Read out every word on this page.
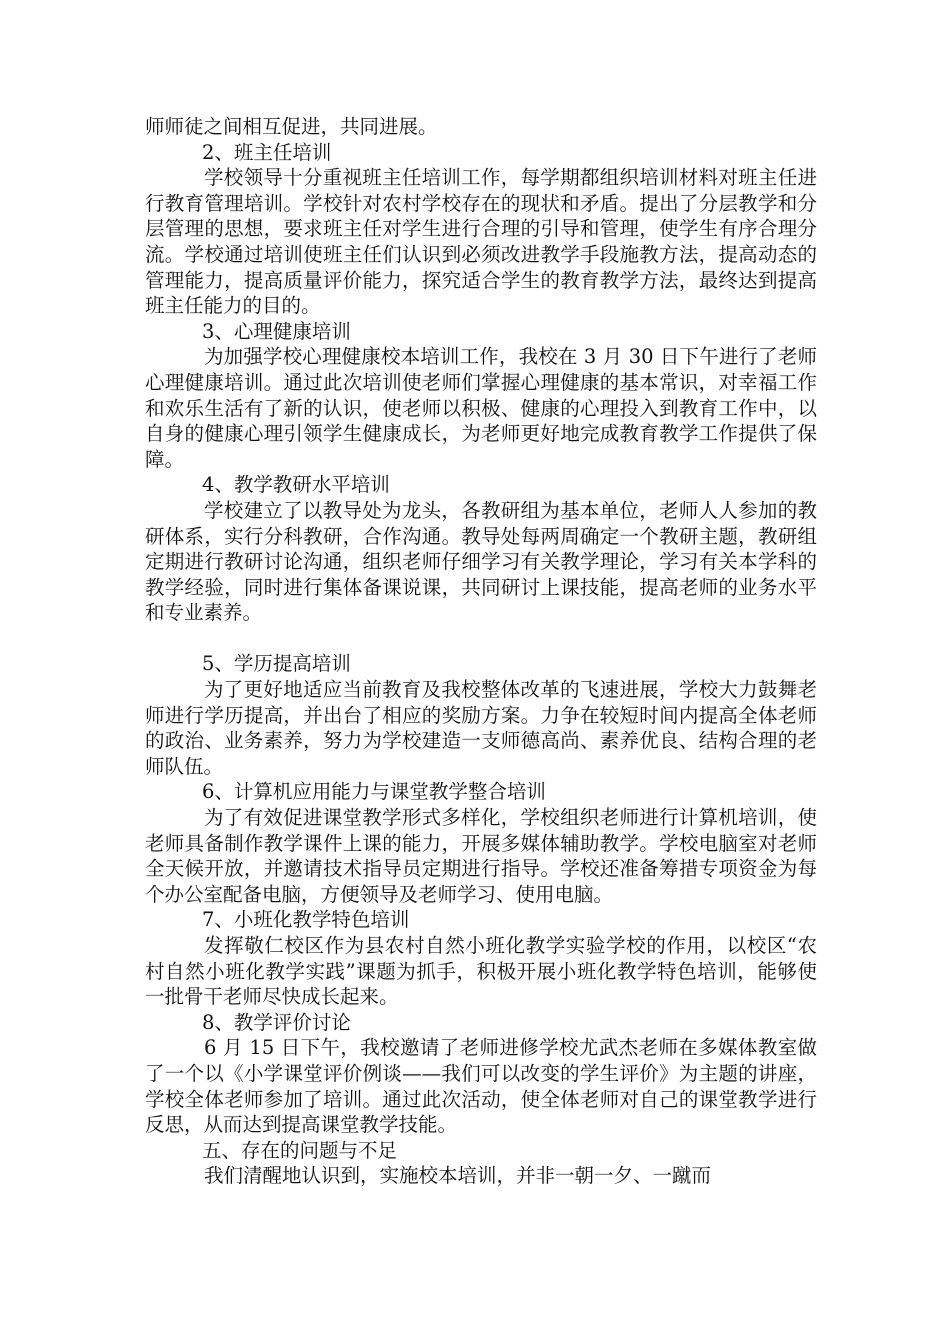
师师徒之间相互促进，共同进展。

2、班主任培训

学校领导十分重视班主任培训工作，每学期都组织培训材料对班主任进行教育管理培训。学校针对农村学校存在的现状和矛盾。提出了分层教学和分层管理的思想，要求班主任对学生进行合理的引导和管理，使学生有序合理分流。学校通过培训使班主任们认识到必须改进教学手段施教方法，提高动态的管理能力，提高质量评价能力，探究适合学生的教育教学方法，最终达到提高班主任能力的目的。

3、心理健康培训

为加强学校心理健康校本培训工作，我校在 3 月 30 日下午进行了老师心理健康培训。通过此次培训使老师们掌握心理健康的基本常识，对幸福工作和欢乐生活有了新的认识，使老师以积极、健康的心理投入到教育工作中，以自身的健康心理引领学生健康成长，为老师更好地完成教育教学工作提供了保障。

4、教学教研水平培训

学校建立了以教导处为龙头，各教研组为基本单位，老师人人参加的教研体系，实行分科教研，合作沟通。教导处每两周确定一个教研主题，教研组定期进行教研讨论沟通，组织老师仔细学习有关教学理论，学习有关本学科的教学经验，同时进行集体备课说课，共同研讨上课技能，提高老师的业务水平和专业素养。

5、学历提高培训

为了更好地适应当前教育及我校整体改革的飞速进展，学校大力鼓舞老师进行学历提高，并出台了相应的奖励方案。力争在较短时间内提高全体老师的政治、业务素养，努力为学校建造一支师德高尚、素养优良、结构合理的老师队伍。

6、计算机应用能力与课堂教学整合培训

为了有效促进课堂教学形式多样化，学校组织老师进行计算机培训，使老师具备制作教学课件上课的能力，开展多媒体辅助教学。学校电脑室对老师全天候开放，并邀请技术指导员定期进行指导。学校还准备筹措专项资金为每个办公室配备电脑，方便领导及老师学习、使用电脑。

7、小班化教学特色培训

发挥敬仁校区作为县农村自然小班化教学实验学校的作用，以校区“农村自然小班化教学实践”课题为抓手，积极开展小班化教学特色培训，能够使一批骨干老师尽快成长起来。

8、教学评价讨论

6 月 15 日下午，我校邀请了老师进修学校尤武杰老师在多媒体教室做了一个以《小学课堂评价例谈——我们可以改变的学生评价》为主题的讲座，学校全体老师参加了培训。通过此次活动，使全体老师对自己的课堂教学进行反思，从而达到提高课堂教学技能。

五、存在的问题与不足

我们清醒地认识到，实施校本培训，并非一朝一夕、一蹴而
